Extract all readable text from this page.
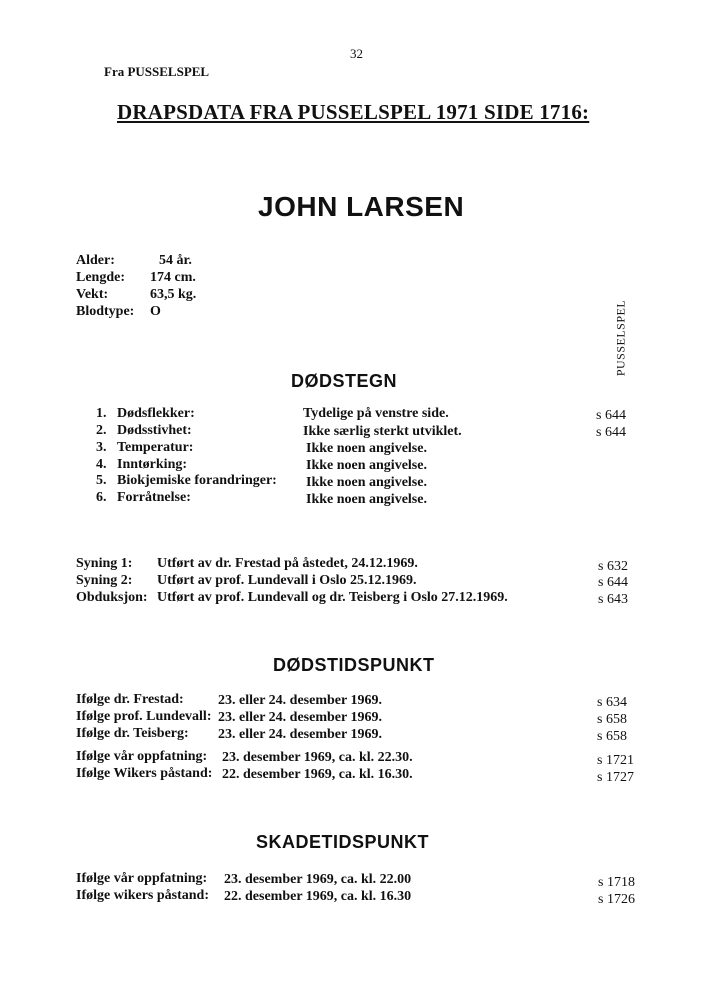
32
Fra PUSSELSPEL
DRAPSDATA FRA PUSSELSPEL 1971 SIDE 1716:
JOHN LARSEN
PUSSELSPEL
Alder:	54 år.
Lengde: 174 cm.
Vekt:	63,5 kg.
Blodtype: O
DØDSTEGN
1. Dødsflekker:	Tydelige på venstre side.	s 644
2. Dødsstivhet:	Ikke særlig sterkt utviklet.	s 644
3. Temperatur:	Ikke noen angivelse.
4. Inntørking:	Ikke noen angivelse.
5. Biokjemiske forandringer: Ikke noen angivelse.
6. Forråtnelse:	Ikke noen angivelse.
Syning 1: Utført av dr. Frestad på åstedet, 24.12.1969.	s 632
Syning 2: Utført av prof. Lundevall i Oslo 25.12.1969.	s 644
Obduksjon: Utført av prof. Lundevall og dr. Teisberg i Oslo 27.12.1969.	s 643
DØDSTIDSPUNKT
Ifølge dr. Frestad: 23. eller 24. desember 1969.	s 634
Ifølge prof. Lundevall: 23. eller 24. desember 1969.	s 658
Ifølge dr. Teisberg: 23. eller 24. desember 1969.	s 658
Ifølge vår oppfatning: 23. desember 1969, ca. kl. 22.30.	s 1721
Ifølge Wikers påstand: 22. desember 1969, ca. kl. 16.30.	s 1727
SKADETIDSPUNKT
Ifølge vår oppfatning: 23. desember 1969, ca. kl. 22.00	s 1718
Ifølge wikers påstand: 22. desember 1969, ca. kl. 16.30	s 1726
